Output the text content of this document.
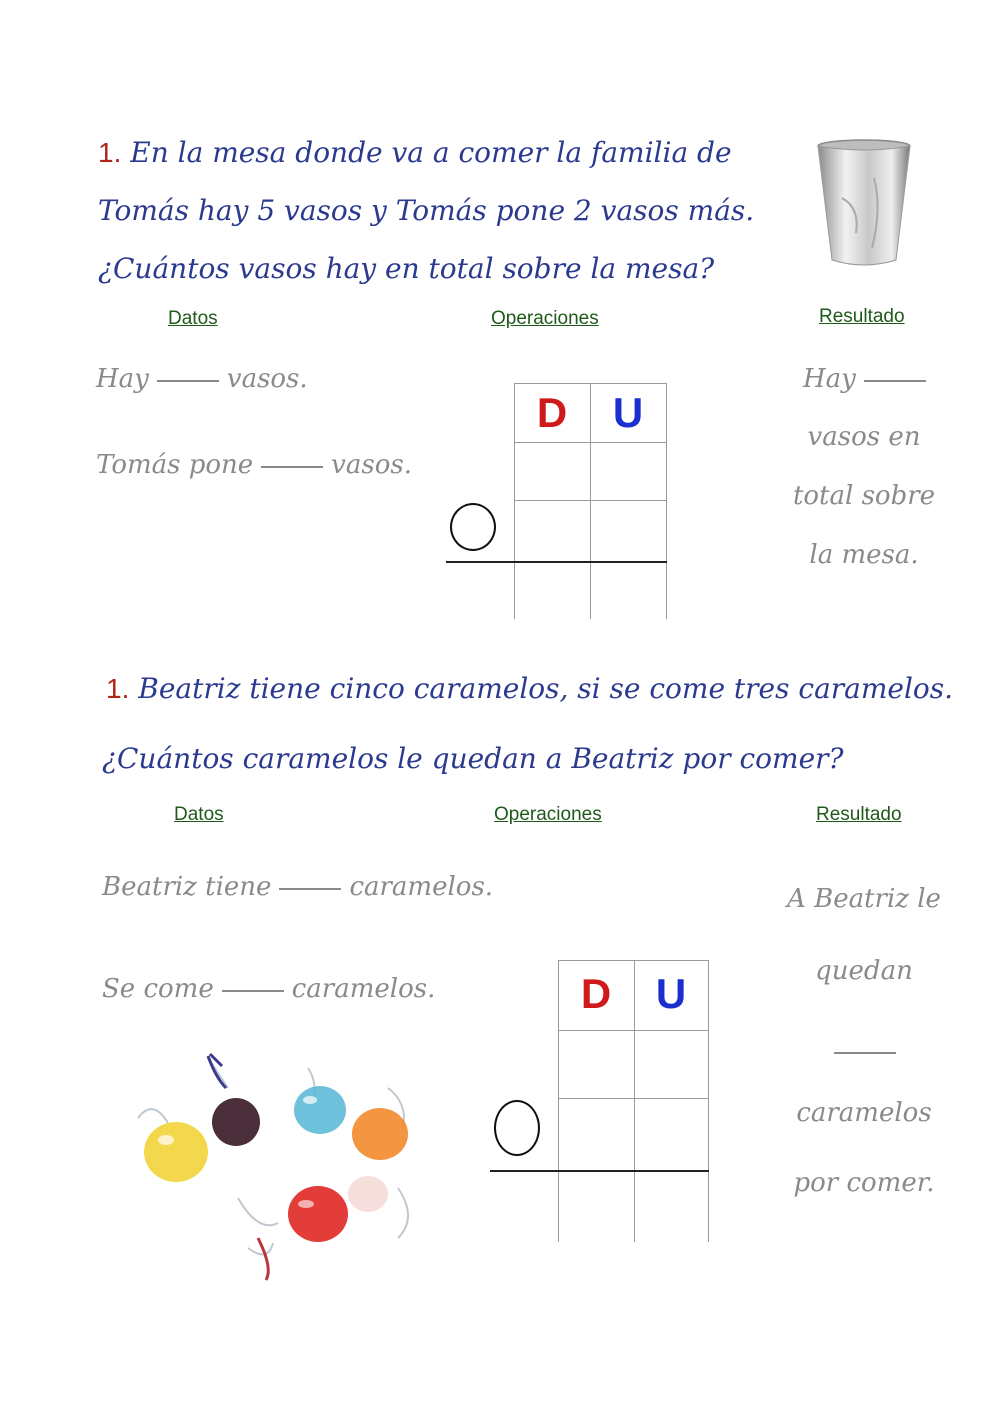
1. En la mesa donde va a comer la familia de
Tomás hay 5 vasos y Tomás pone 2 vasos más.
¿Cuántos vasos hay en total sobre la mesa?
Datos	Operaciones	Resultado
Hay	vasos.
Tomás pone	vasos.
D	U
Hay
vasos en
total sobre
la mesa.
1. Beatriz tiene cinco caramelos, si se come tres caramelos.
¿Cuántos caramelos le quedan a Beatriz por comer?
Datos	Operaciones	Resultado
Beatriz tiene	caramelos.
Se come	caramelos.	D	U
A Beatriz le
quedan
caramelos
por comer.
